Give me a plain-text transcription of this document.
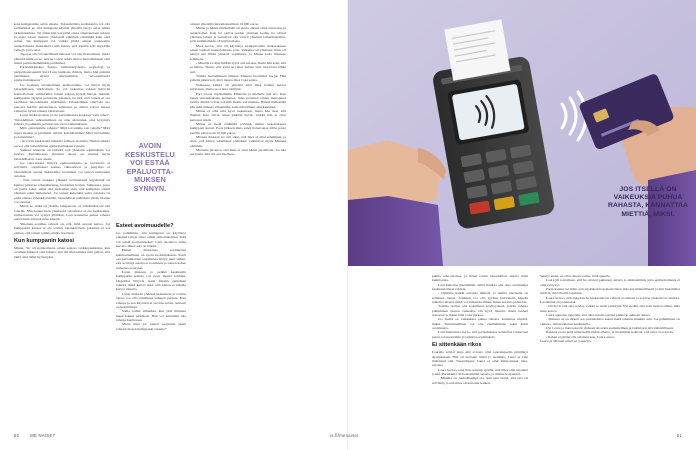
koja kumppanina selän takana. Talousdellista saaliskentta voi olla esimerkiksi se, että kumppani käyttää yhteisiä varoja salaa omiin tarkoituksiinsa. Tai sitten hän voi pitää omaa omaisuuttaan salassa ja antaa toisen maksaa yhteisestä elämästä enemmän kuin olisi reilua. Tai kumppani voi vaikka jättää omaan osuuteensa asuntolainasta maksamatta niin kauan, että lopulta koti myydään velkoja, jotta saisi.

Tapojaa olla taloudellisesti uskoton voi olla monenlaisia, mutta yhteistä niille on se, että ne voivat tehdä siirtoa luottamukseen sinä missä perinteisemmätkin pettämiset.

Parisuhdekeskus Kataja toiminnanjohtaja, psykologi ja pariperhoterapeutti Suvi Laru tunnistaa ilmiön, mutta hän puhuisi pettämisen sijasta mieluummin "taloudellisesta epäluottamuksesta".

Jos koskaan taloudellinen epäluottamus voi liittyä myös taloudelliseen väkivaltaan. Se voi tarkoittaa rahaan liittyvää kontrollointia: esimerkiksi toinen rakpaa hyöriä liikoja, määrää, kumppanin täytyisi perustella jokaisen tai sitä, että toinen ei saa osallistua taloudellisiin päätöksiin. Taloudellinen väkivalta tuo panosta heidän pulasteluaan suhteessa ja siihen voivat lausua vaikuttaa hyvin toiseen väkivaltaan.

Laran mukaan rahaa ei ole parisuhteessa koskaan "vain rahaa". Taloudellinen suhtautuminen on aina sitoutunut, aina kysymys rahasta ja pankkiin perustuvaan vuorovaikutukseen.

Mitä ajattelemme rahasta? Mitä toivomme sen rahalla? Mitä lupaa moniin ja pitämään omalla kohdallamme? Mitä turvaamme ja haluamme?

- Arvoista keskustelu tuhansia suhteen aloitusta. Näiden aihetta on voi olla taloudellisen epäluottamuksen synnyn.

Suhteen kannalta on tärkeää, että yhteisiin sopimuksiin voi luottaa. Parisuhteessa yhteinen talous on yleensä myös taloudellisesti. Laru aneen.

Jos raha-asioita liittyvä epäluottamusta ja tavoitteita ei selvitellä, sopimukset kanssa rikkoutuvat ja pettymys ei taloudellisia asioita rikkaudella, luottamus voi syntyä uusissakin asioissa.

- Kun toinen loukkaa yhteisiä sovinnaisesti käytäntöjä tai kuittaa jatkuvaa rahasuhteensa, luottamus horjuu. Suhteessa, jossa on jaettu rahat, tulisi olla luottamus siitä, että kumpikin toimii yhteisen edun mukaisesti. Jos toinen kuitenkin salaa ostoksia tai pitää omasta rahankäytöstään, taloudellisia päätöksiä yksin, tilanne voi satuttaa.

Mutta se, mikä on yhdelle rahapetosta, ei välttämättä ole sitä toiselle. Niin kauan kuin yhteisestä taloudesta ei ole keskusteltu, epäluottamus voi syntyä yllättäen. Laru kannattaa puhua rahasta ennen kuin asioista tulee kipeitä.

Yhteinen sopimus rahasta on, että, mitä aiotaan kertoa. Jos kumppanin kanssa ei ole sovittu rahankäytöstä, jokainen ei voi olettaa, että toinen toimii omalla tavallaan.

Kun kumppanin katosi

Minna, 50, oli kohtaamassa rahan asiassa verkkopankkissa, kun avaimen lukkoni olan tukena, että tili rikastuttelee niin paljon, että tämä olisi tullut hyvitetyksi.

AVOIN
KESKUSTELU
VOI ESTÄÄ
EPÄLUOTTA-
MUKSEN
SYNNYN.

ottanut yhteisiltä lainamaksuiltaan 10 000 euroa.

Minna ja hänen miehellään oli alusta alkaen omat asuntonsa ja asuntolainat. Kun he ostivat uuden yhteisen kodin, he ottivat yhteisen lainan ja perustivat sitä varten yhteisen lainanhoitotilin, jolle kummallakin oli käyttöoikeus.

Mies kertoi, että oli käyttänyt kymppitonnin maksaakseen oman vanhan asuntolainansa pois. Valkutus oli yhteisen, mies oli tehnyt sen ilman yhteistä sopimusta, ja Minna koki tilanteen kolkkona.

- Minulla ei ollut mitään syytä olla salassa, mutta hän koki, että ei haluta. Tiesin, että kyllä se rahaa haluaa olisi luotettava tähän asti.

Tämän luottamuksen jälkeen Minnan luottamus horjui. Hän pelkäsi jatkuvasti, mitä muuta mies voisi salata.

Suhteessa kaikki oli yhteisiä eikä mies haluttu kertoa tuloistaan, mutta se ei aina toiminut.

Pari vuotta myöhemmin Minnalle ja miehelle tuli ero. Kun lasten elatusmaksuja jaettaessa, mies perusteli omien menojensa avulla, minkä verran voi elää muille saa maksaa. Hänen mielestään hän saisi maksaa vähemmän, kuin mitä hänen olisi kuulunut.

Minna ei ollut niin hyvä laskemaan, mutta hän tiesi, että miehen tulot olivat olleet pitkään hyvät, vaikka hän ei ollut kertonut niistä.

Minna ei tiedä tänäkään päivänä, mihin tarkoitukseen kumppani katosi. Eron jälkeen mies sanoi haluavansa tilille joista jaettiin rahaa noin 10 000 euroa.

Minnan mukaan ero tuli siksi, että mies ei ollut rehellinen, ja siksi, että hänen tekemänsä päätökset vaikuttivat myös Minnan elämään.

Minnalle jäi kuva, että mies ei ollut hänen puolellaan. Jos hän sai jotain, hän otti sen itselleen.

Esteet avoimuudelle?

Jos pahimmin, että kumppani on käyttänyt yhteisiä rahoja salaa omiin tarkoituksiinsa, mitä voi tehdä korjaamiseksi? Laru suosittaa ensin kerrata, miksi asia on tärkeä.

Hänen mukaansa sopimusten kunnioittaminen on avain luottamukseen. Suuri osa parisuhteiden ongelmista liittyy juuri siihen, että sovittuja asioita ei noudateta ja toinen kokee tulleensa petetyksi.

Laran mukaan jo pelkkä keskustelu kumppanin kanssa voi avata monia solmuja. Ongelmat liittyvät usein häpeän ajatteluun rahasta, mikä kertoo siitä, että toinen ei uskalla kertoa totuutta.

Laran mukaan yhdessä keskustelu ja sovittu talous voi olla rehellisen suhteen perusta. Kun rahasta ja sen käytöstä ei tarvitse salata, suhteen on kestävämpi.

Sama toimii siihenkin, kun yksi ihminen tekee kaikki päätökset. Hän voi kuitenkin olla rahasta huolissaan.

Mutta mitä jos toinen suojautuu yksin rahaasioissaan kumppanin taloutta?

50	ME NAISET
JOS ITSELLÄ ON
VAIKEUKSIA PUHUA
RAHASTA, KANNATTAA
MIETTIÄ, MIKSI.

puhtia raha-asioissa, ja miten toisen taloudellisia asioita tulisi kunnioittaa.

Laru kehottaa miettimään, miltä muiltaa olla oma avoimempi keskustelemaan rahasta.

- Olemme kaikki erilaisia ihmisiä, ja meillä jokaisella on erilainen tausta. Joillakin voi olla syvään juurtuneita häpeän tunteita rahasta, mikä voi vaikuttaa siihen, miten asioista puhutaan.

Toisilla saattaa olla kokemusta köyhyydestä, jolloin rahasta puhuminen tuntuu vaikealta. On hyvä miettiä, mistä tunteet nousevat ja miten niitä voisi purkaa.

Jos itsellä on vaikeuksia puhua rahasta, kannattaa miettiä, miksi. Tunnustaminen voi olla ensimmäinen askel kohti avoimuutta.

Laru muistuttaa myös, että parisuhteessa kannattaa toistuvasti palata talousasioihin ja tarkistaa sopimuksia.

Ei sittenkään rikos

Laurelle selvisi pian, että avioero olisi tarkoituksella pimitänyt sijoituksiaan. Hän oli kertonut niistä jo aiemmin, Laura ei vain muistanut sitä. Nuorempana Laura ei ollut kiinnostunut raha-asioista.

Laura kertoo, ettei hän osannut epäillä, että mies olisi salannut jotain. Pariskunta oli keskustellut asiasta, ja tilanne korjaantui.

- Minulla oli rauhallisempi olo, kun sain tietää, että asia oli selvitetty ja että mies oli kertonut kaiken.

Sennyt ensin, en ollut oikein varma, mitä ajatella.

Laura jäi toivomaan, että he olisivat puhuneet asiasta jo aikaisemmin, jotta epäluottamusta ei olisi syntynyt.

Parin kanssa sovittiin, että sijoituksista keskustellaan jatkossa säännöllisesti ja että molemmat tietävät, mitä tileillä tapahtuu.

Laura kertoo, että nykyään he keskustelevat rahasta avoimesti ja sopivat yhdessä tavoitteista. Luottamus on palautunut.

- Oli hyvä, että asia selvisi, vaikka se ensin pelästytti. Nyt tiedän, että voin luottaa siihen, mitä mies kertoo.

Laura ajattelee nykyään, että raha-asioista pitäisi puhua jo suhteen alussa.

- Minusta se on tärkeä osa parisuhdetta, kuten mikä tahansa muukin asia. Jos puhuminen on vaikeaa, siitä kannattaa keskustella.

Nyt Laura ja mies tekevät yhdessä talouden suunnitelman ja tarkistavat sitä säännöllisesti.

Rahasta ei ole enää tullut heille riidan aihetta, ja molemmat kokevat, että asiat ovat hyvin.

- Rahan ei pitäisi olla salainen asia, Laura sanoo.

Laura ja Minnan nimet on muutettu.

is.fi/menaiset	51
